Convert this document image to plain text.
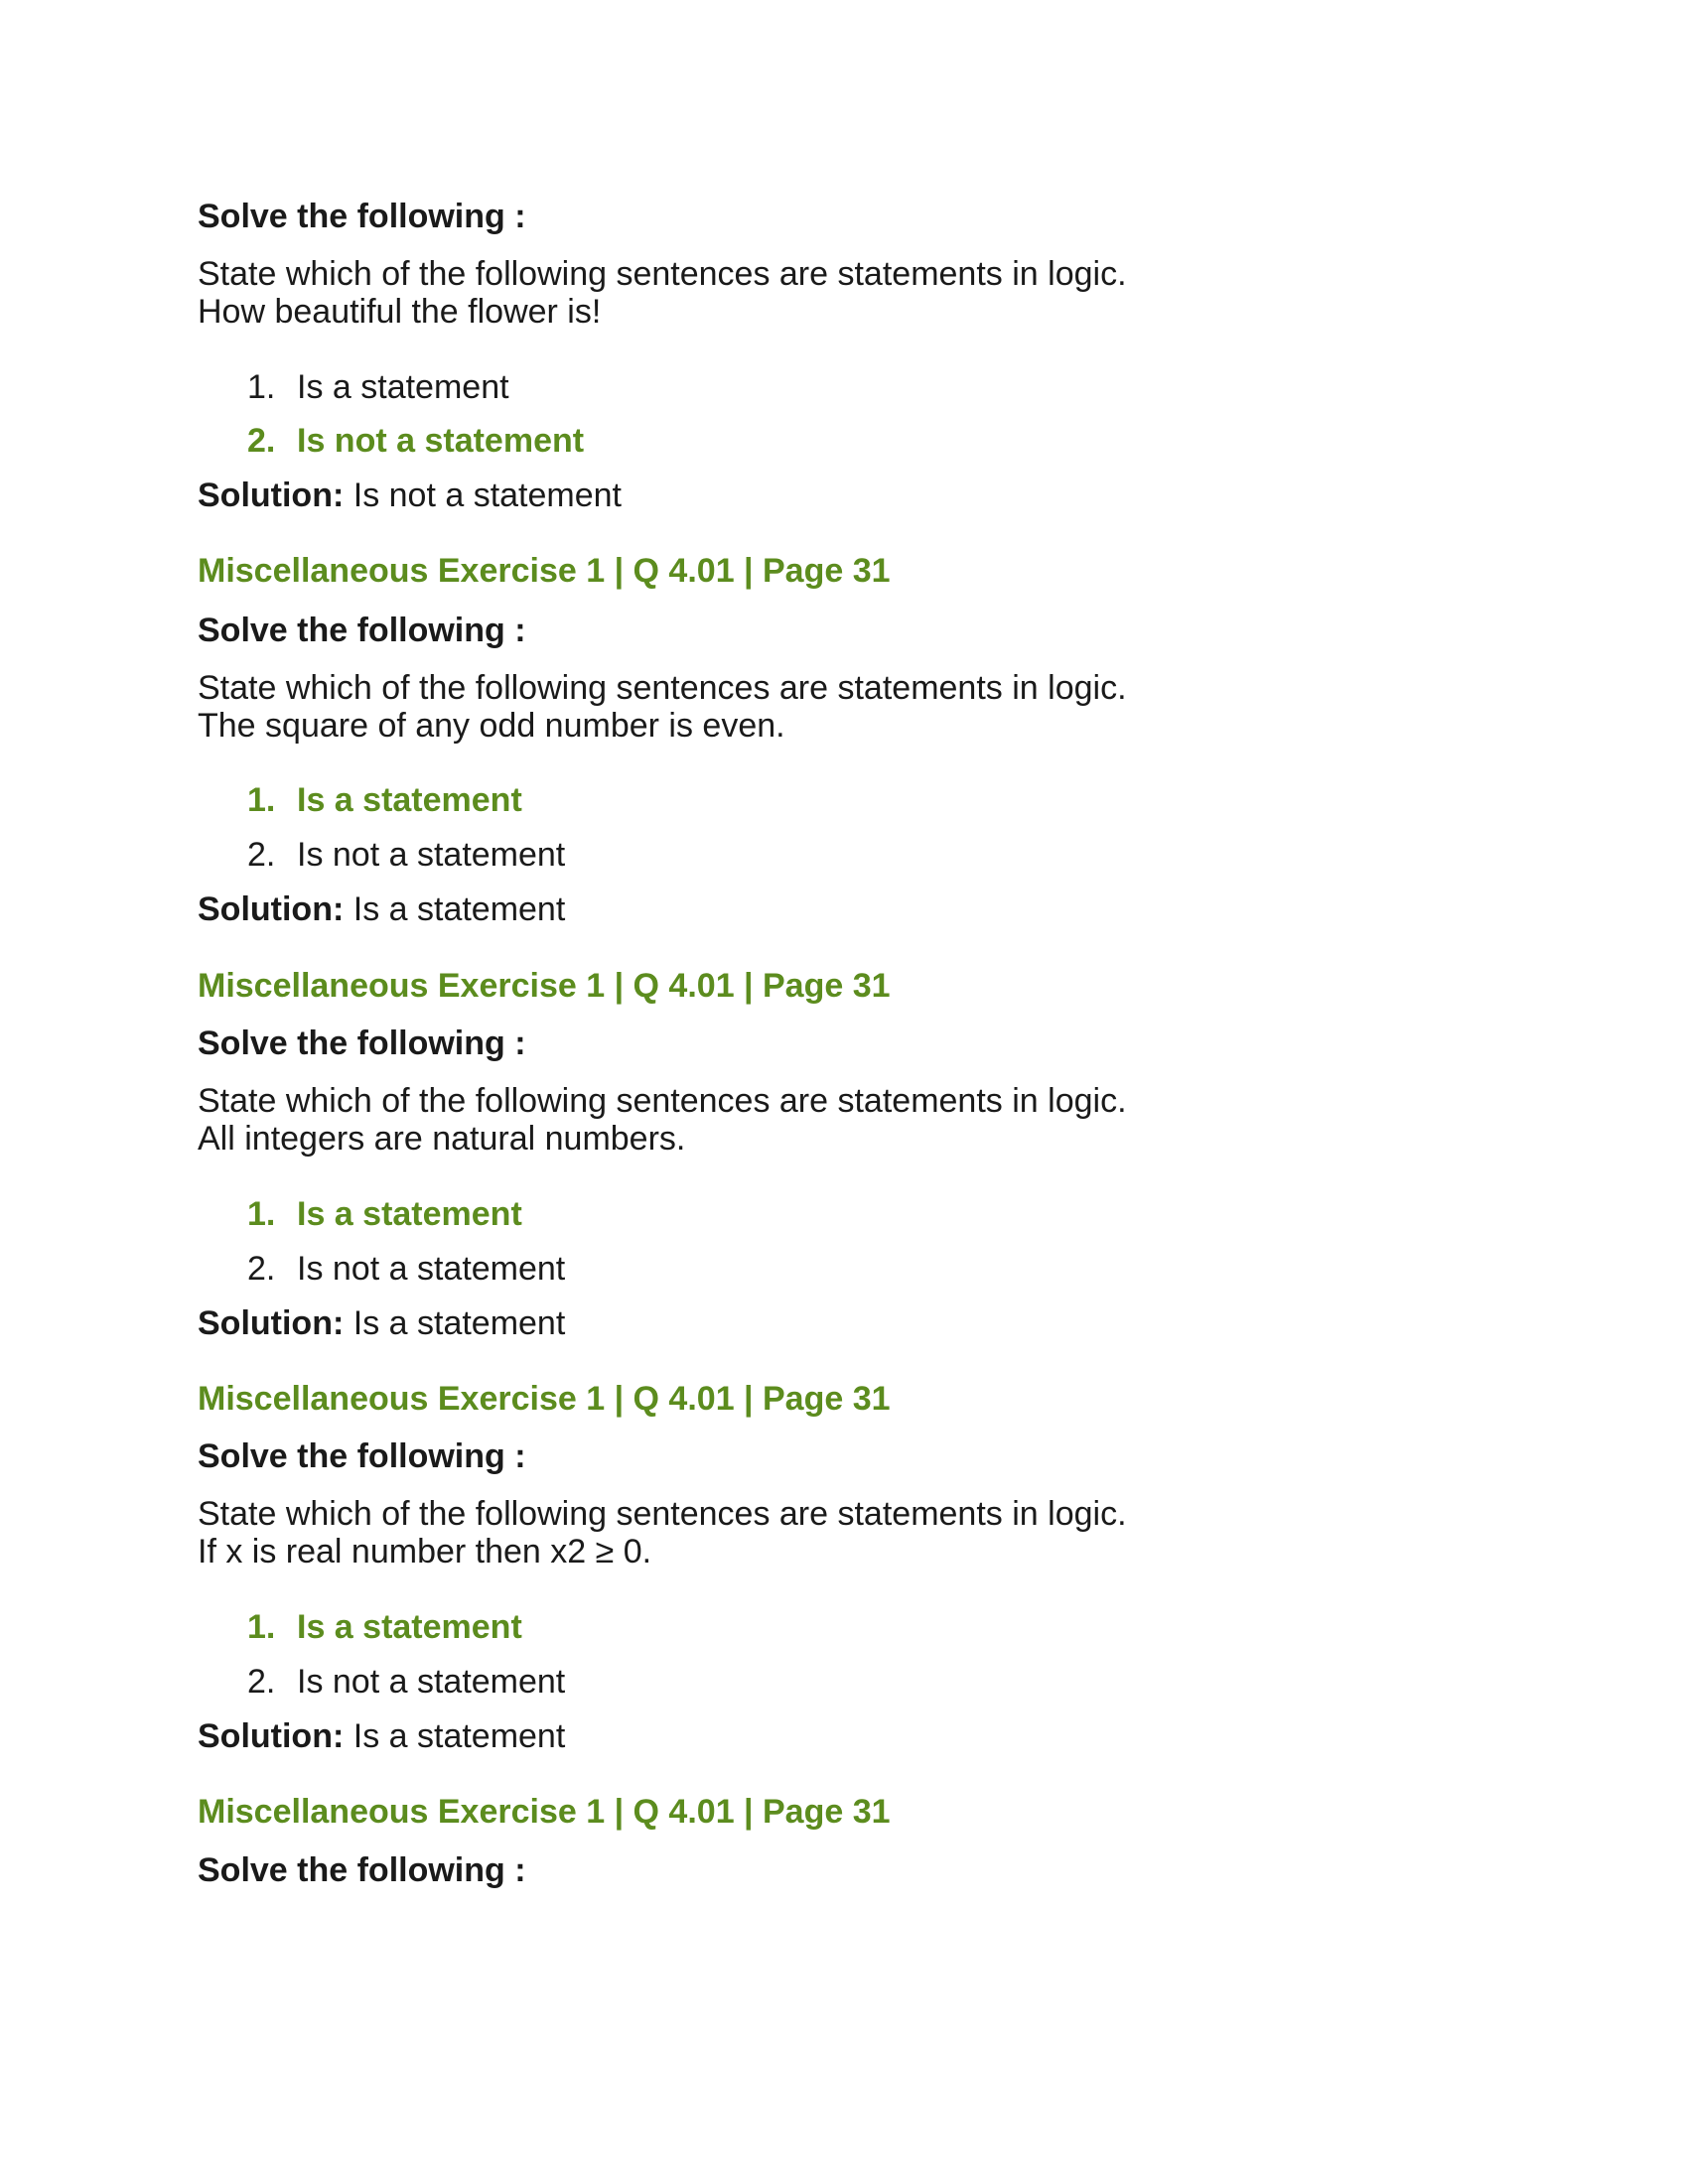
Solve the following :
State which of the following sentences are statements in logic.
How beautiful the flower is!
1. Is a statement
2. Is not a statement
Solution: Is not a statement
Miscellaneous Exercise 1 | Q 4.01 | Page 31
Solve the following :
State which of the following sentences are statements in logic.
The square of any odd number is even.
1. Is a statement
2. Is not a statement
Solution: Is a statement
Miscellaneous Exercise 1 | Q 4.01 | Page 31
Solve the following :
State which of the following sentences are statements in logic.
All integers are natural numbers.
1. Is a statement
2. Is not a statement
Solution: Is a statement
Miscellaneous Exercise 1 | Q 4.01 | Page 31
Solve the following :
State which of the following sentences are statements in logic.
If x is real number then x2 ≥ 0.
1. Is a statement
2. Is not a statement
Solution: Is a statement
Miscellaneous Exercise 1 | Q 4.01 | Page 31
Solve the following :
